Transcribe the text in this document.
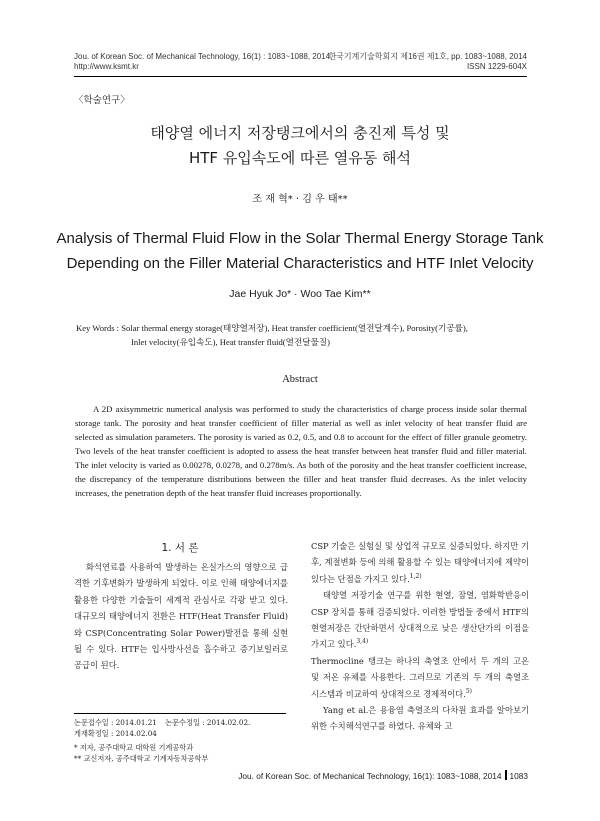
Jou. of Korean Soc. of Mechanical Technology, 16(1) : 1083~1088, 2014
http://www.ksmt.kr
한국기계기술학회지 제16권 제1호, pp. 1083~1088, 2014
ISSN 1229-604X
〈학술연구〉
태양열 에너지 저장탱크에서의 충진제 특성 및
HTF 유입속도에 따른 열유동 해석
조 재 혁* · 김 우 태**
Analysis of Thermal Fluid Flow in the Solar Thermal Energy Storage Tank
Depending on the Filler Material Characteristics and HTF Inlet Velocity
Jae Hyuk Jo* · Woo Tae Kim**
Key Words : Solar thermal energy storage(태양열저장), Heat transfer coefficient(열전달계수), Porosity(기공률),
Inlet velocity(유입속도), Heat transfer fluid(열전달물질)
Abstract
A 2D axisymmetric numerical analysis was performed to study the characteristics of charge process inside solar thermal storage tank. The porosity and heat transfer coefficient of filler material as well as inlet velocity of heat transfer fluid are selected as simulation parameters. The porosity is varied as 0.2, 0.5, and 0.8 to account for the effect of filler granule geometry. Two levels of the heat transfer coefficient is adopted to assess the heat transfer between heat transfer fluid and filler material. The inlet velocity is varied as 0.00278, 0.0278, and 0.278m/s. As both of the porosity and the heat transfer coefficient increase, the discrepancy of the temperature distributions between the filler and heat transfer fluid decreases. As the inlet velocity increases, the penetration depth of the heat transfer fluid increases proportionally.
1. 서 론

화석연료를 사용하여 발생하는 온실가스의 영향으로 급격한 기후변화가 발생하게 되었다. 이로 인해 태양에너지를 활용한 다양한 기술들이 세계적 관심사로 각광 받고 있다. 대규모의 태양에너지 전환은 HTF(Heat Transfer Fluid)와 CSP(Concentrating Solar Power)발전을 통해 실현될 수 있다. HTF는 입사방사선을 흡수하고 증기보일러로 공급이 된다.

논문접수일 : 2014.01.21 논문수정일 : 2014.02.02.
게재확정일 : 2014.02.04
* 저자, 공주대학교 대학원 기계공학과
** 교신저자, 공주대학교 기계자동차공학부

CSP 기술은 실험실 및 상업적 규모로 실증되었다. 하지만 기후, 계절변화 등에 의해 활용할 수 있는 태양에너지에 제약이 있다는 단점을 가지고 있다.$^{1,2)}$

태양열 저장기술 연구를 위한 현열, 잠열, 염화학반응이 CSP 장치를 통해 검증되었다. 이러한 방법들 중에서 HTF의 현열저장은 간단하면서 상대적으로 낮은 생산단가의 이점을 가지고 있다.$^{3,4)}$

Thermocline 탱크는 하나의 축열조 안에서 두 개의 고온 및 저온 유체를 사용한다. 그러므로 기존의 두 개의 축열조 시스템과 비교하여 상대적으로 경제적이다.$^{5)}$

Yang et al.은 용융염 축열조의 다차원 효과를 알아보기 위한 수치해석연구를 하였다. 유체와 고

Jou. of Korean Soc. of Mechanical Technology, 16(1): 1083~1088, 2014 1083
